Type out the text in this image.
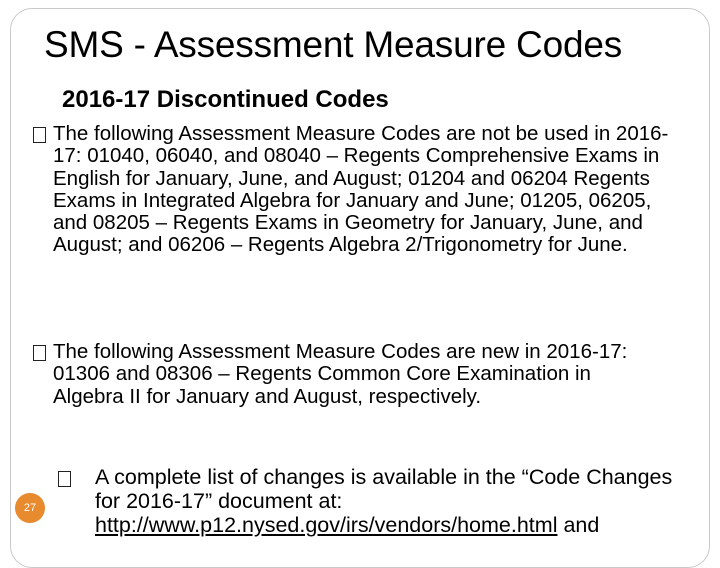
SMS - Assessment Measure Codes
2016-17 Discontinued Codes
The following Assessment Measure Codes are not be used in 2016-17: 01040, 06040, and 08040 – Regents Comprehensive Exams in English for January, June, and August; 01204 and 06204 Regents Exams in Integrated Algebra for January and June; 01205, 06205, and 08205 – Regents Exams in Geometry for January, June, and August; and 06206 – Regents Algebra 2/Trigonometry for June.
The following Assessment Measure Codes are new in 2016-17: 01306 and 08306 – Regents Common Core Examination in Algebra II for January and August, respectively.
A complete list of changes is available in the “Code Changes for 2016-17” document at: http://www.p12.nysed.gov/irs/vendors/home.html and
27
